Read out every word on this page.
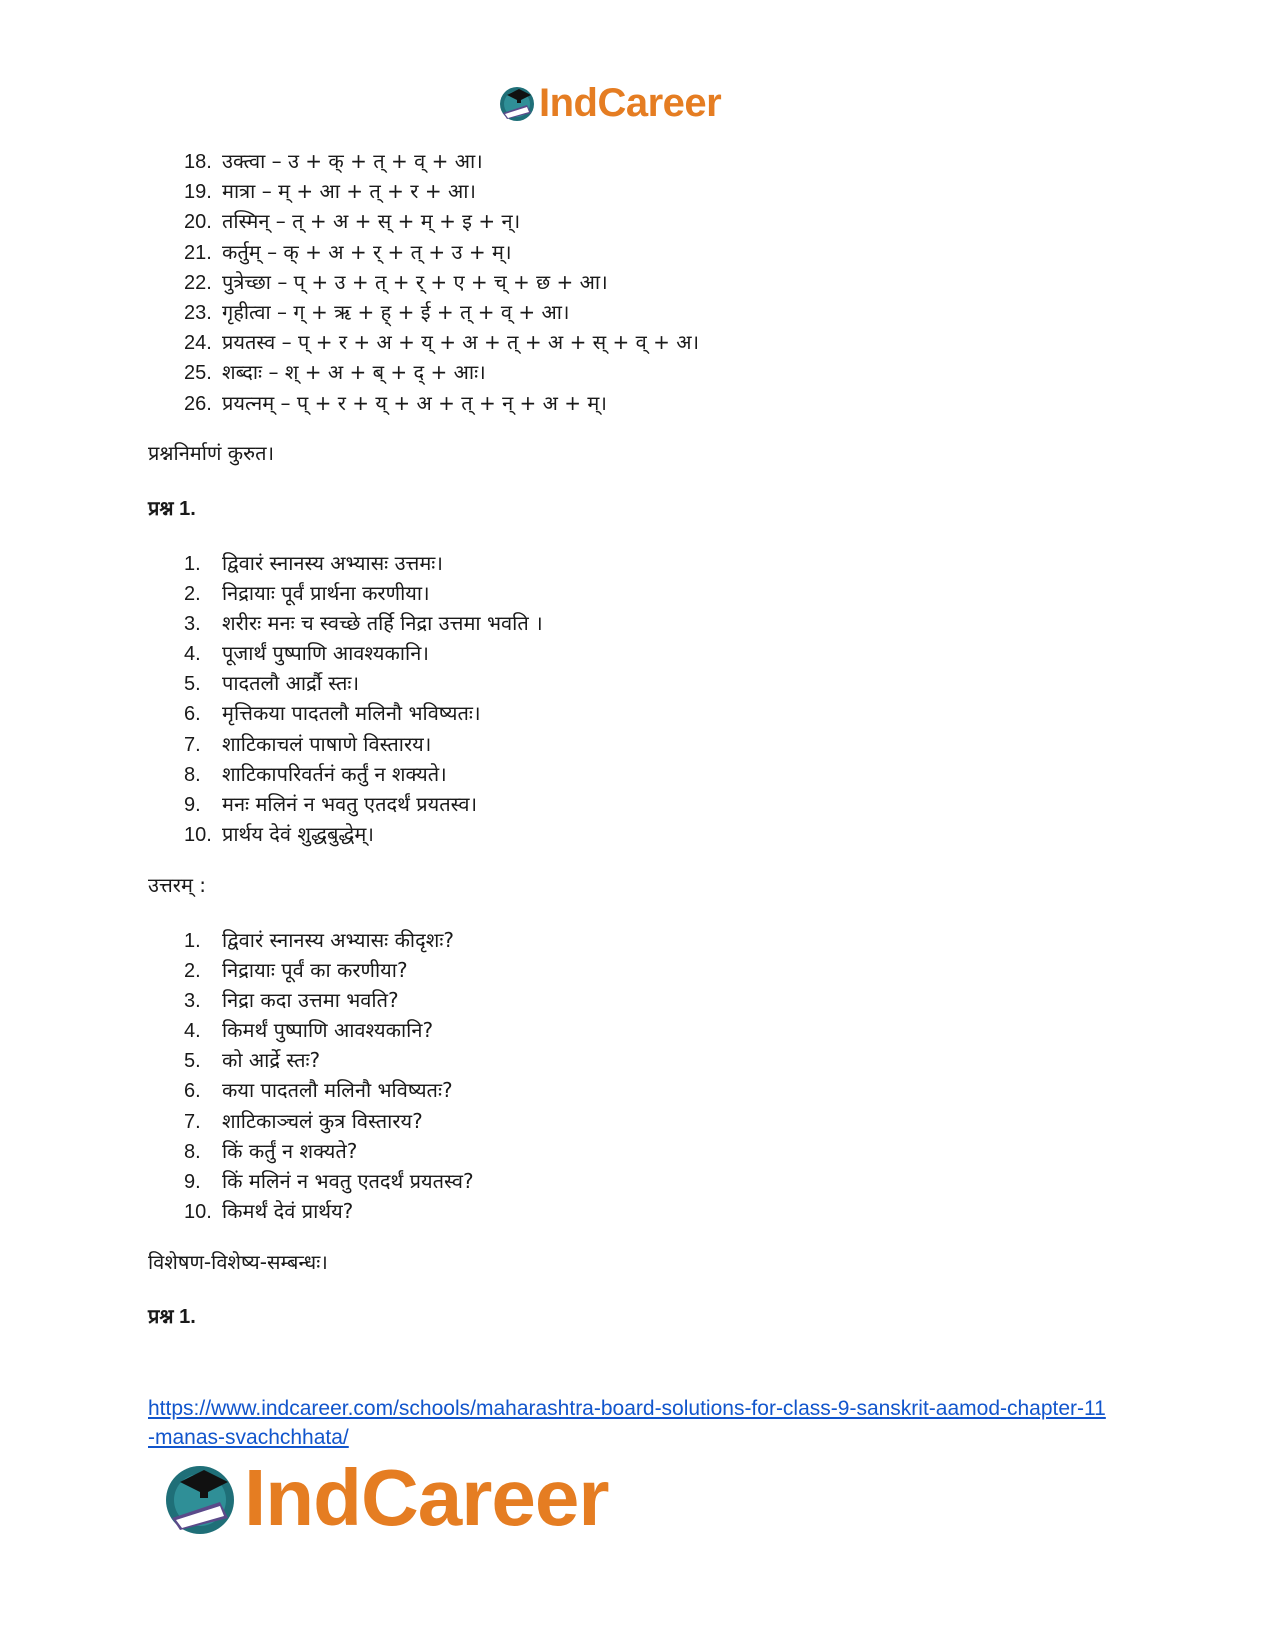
IndCareer
18. उक्त्वा – उ + क् + त् + व् + आ।
19. मात्रा – म् + आ + त् + र + आ।
20. तस्मिन् – त् + अ + स् + म् + इ + न्।
21. कर्तुम् – क् + अ + र् + त् + उ + म्।
22. पुत्रेच्छा – प् + उ + त् + र् + ए + च् + छ + आ।
23. गृहीत्वा – ग् + ऋ + ह् + ई + त् + व् + आ।
24. प्रयतस्व – प् + र + अ + य् + अ + त् + अ + स् + व् + अ।
25. शब्दाः – श् + अ + ब् + द् + आः।
26. प्रयत्नम् – प् + र + य् + अ + त् + न् + अ + म्।
प्रश्ननिर्माणं कुरुत।
प्रश्न 1.
1. द्विवारं स्नानस्य अभ्यासः उत्तमः।
2. निद्रायाः पूर्वं प्रार्थना करणीया।
3. शरीरः मनः च स्वच्छे तर्हि निद्रा उत्तमा भवति ।
4. पूजार्थं पुष्पाणि आवश्यकानि।
5. पादतलौ आर्द्रौ स्तः।
6. मृत्तिकया पादतलौ मलिनौ भविष्यतः।
7. शाटिकाचलं पाषाणे विस्तारय।
8. शाटिकापरिवर्तनं कर्तुं न शक्यते।
9. मनः मलिनं न भवतु एतदर्थं प्रयतस्व।
10. प्रार्थय देवं शुद्धबुद्धेम्।
उत्तरम् :
1. द्विवारं स्नानस्य अभ्यासः कीदृशः?
2. निद्रायाः पूर्वं का करणीया?
3. निद्रा कदा उत्तमा भवति?
4. किमर्थं पुष्पाणि आवश्यकानि?
5. को आर्द्रे स्तः?
6. कया पादतलौ मलिनौ भविष्यतः?
7. शाटिकाञ्चलं कुत्र विस्तारय?
8. किं कर्तुं न शक्यते?
9. किं मलिनं न भवतु एतदर्थं प्रयतस्व?
10. किमर्थं देवं प्रार्थय?
विशेषण-विशेष्य-सम्बन्धः।
प्रश्न 1.
https://www.indcareer.com/schools/maharashtra-board-solutions-for-class-9-sanskrit-aamod-chapter-11-manas-svachchhata/
IndCareer
